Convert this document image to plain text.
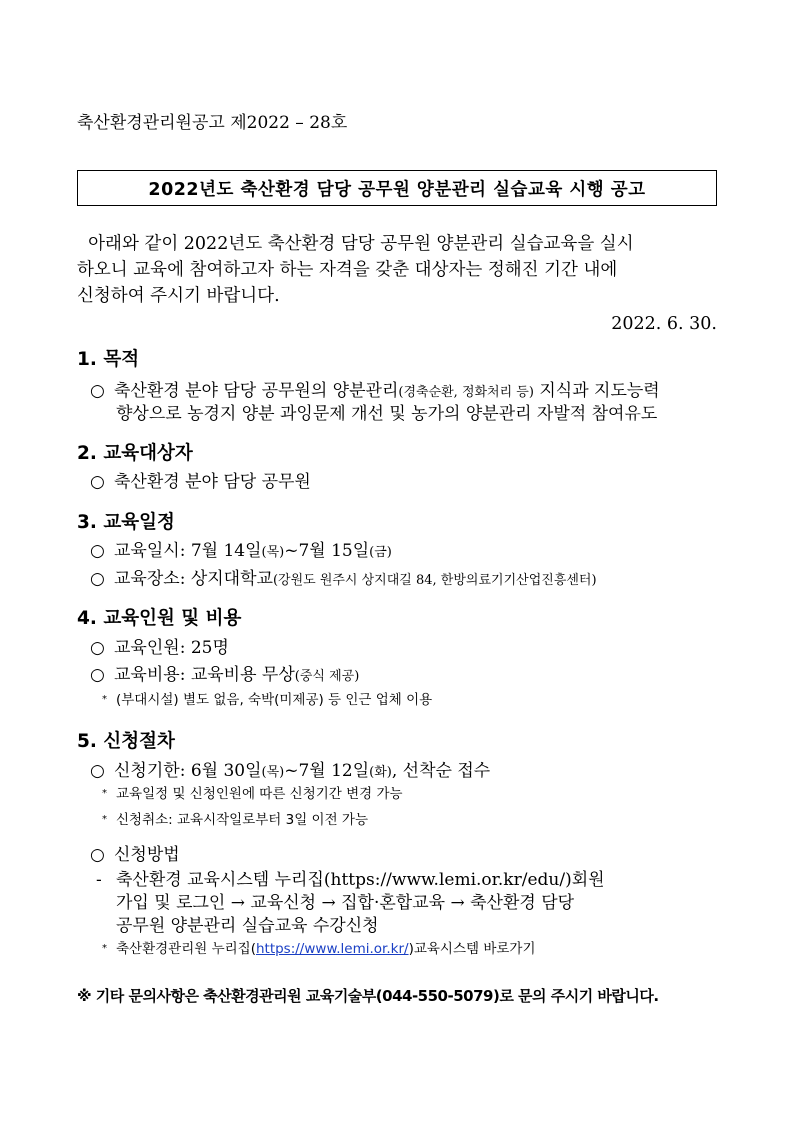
축산환경관리원공고 제2022 – 28호
2022년도 축산환경 담당 공무원 양분관리 실습교육 시행 공고

아래와 같이 2022년도 축산환경 담당 공무원 양분관리 실습교육을 실시

하오니 교육에 참여하고자 하는 자격을 갖춘 대상자는 정해진 기간 내에

신청하여 주시기 바랍니다.

2022. 6. 30.
1. 목적
○ 축산환경 분야 담당 공무원의 양분관리(경축순환, 정화처리 등) 지식과 지도능력
향상으로 농경지 양분 과잉문제 개선 및 농가의 양분관리 자발적 참여유도
2. 교육대상자
○ 축산환경 분야 담당 공무원
3. 교육일정
○ 교육일시: 7월 14일(목)~7월 15일(금)
○ 교육장소: 상지대학교(강원도 원주시 상지대길 84, 한방의료기기산업진흥센터)
4. 교육인원 및 비용
○ 교육인원: 25명
○ 교육비용: 교육비용 무상(중식 제공)
* (부대시설) 별도 없음, 숙박(미제공) 등 인근 업체 이용
5. 신청절차
○ 신청기한: 6월 30일(목)~7월 12일(화), 선착순 접수
* 교육일정 및 신청인원에 따른 신청기간 변경 가능
* 신청취소: 교육시작일로부터 3일 이전 가능
○ 신청방법
- 축산환경 교육시스템 누리집(https://www.lemi.or.kr/edu/)회원
가입 및 로그인 → 교육신청 → 집합·혼합교육 → 축산환경 담당
공무원 양분관리 실습교육 수강신청
* 축산환경관리원 누리집(https://www.lemi.or.kr/)교육시스템 바로가기
※ 기타 문의사항은 축산환경관리원 교육기술부(044-550-5079)로 문의 주시기 바랍니다.
